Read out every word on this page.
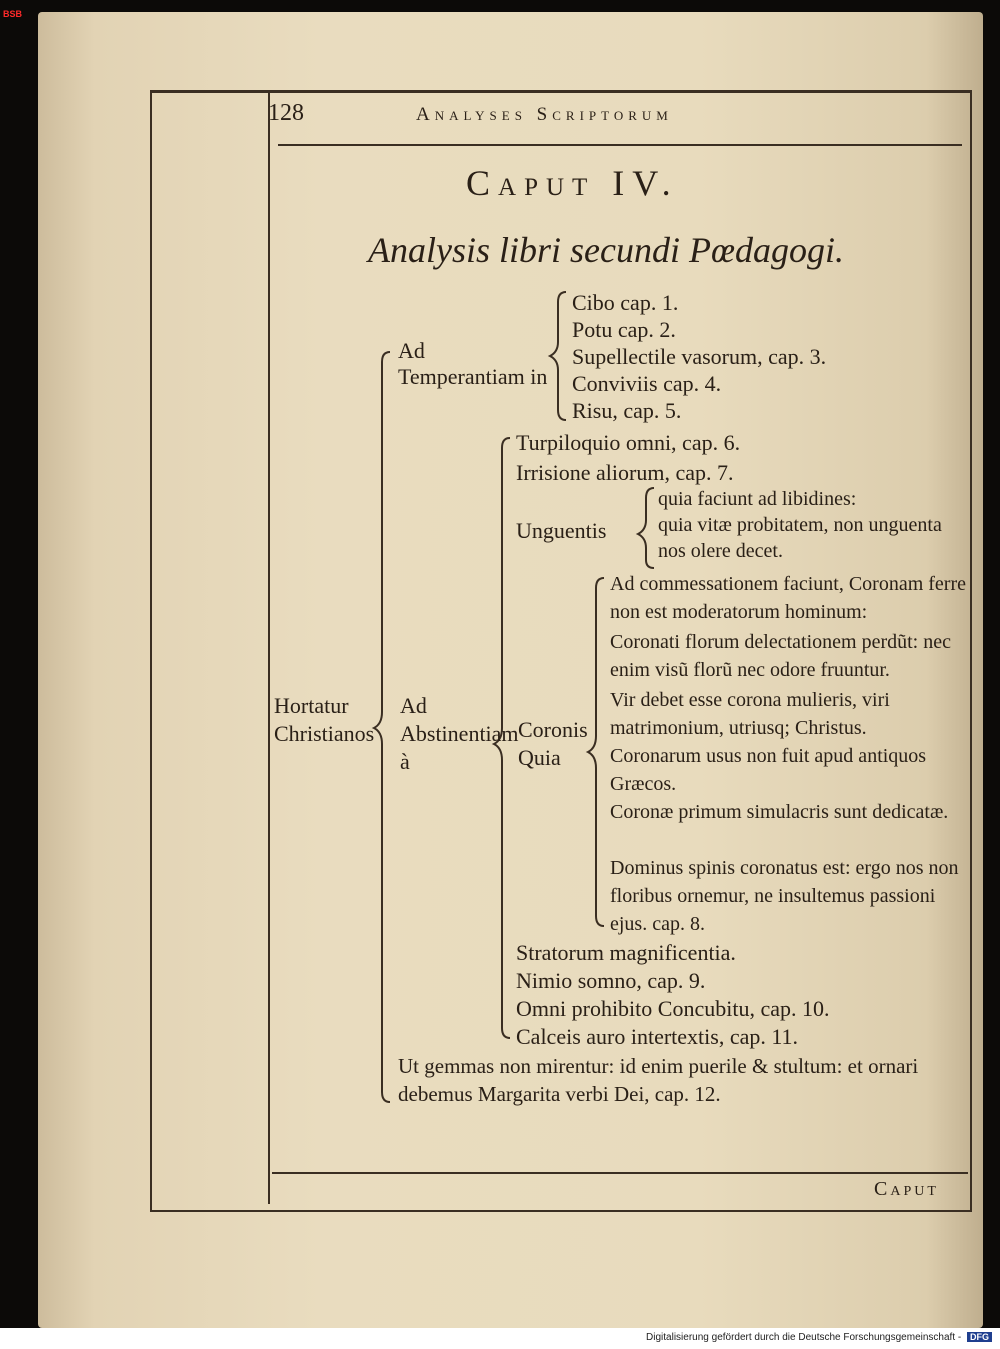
BSB
128	Analyses Scriptorum
Caput IV.
Analysis libri secundi Pœdagogi.
Hortatur Christianos
Ad Temperantiam in
Cibo cap. 1.
Potu cap. 2.
Supellectile vasorum, cap. 3.
Conviviis cap. 4.
Risu, cap. 5.
Ad Abstinentiam à
Turpiloquio omni, cap. 6.
Irrisione aliorum, cap. 7.
Unguentis
quia faciunt ad libidines:
quia vitæ probitatem, non unguenta nos olere decet.
Coronis Quia
Ad commessationem faciunt, Coronam ferre non est moderatorum hominum:
Coronati florum delectationem perdũt: nec enim visũ florũ nec odore fruuntur.
Vir debet esse corona mulieris, viri matrimonium, utriusq; Christus.
Coronarum usus non fuit apud antiquos Græcos.
Coronæ primum simulacris sunt dedicatæ.
Dominus spinis coronatus est: ergo nos non floribus ornemur, ne insultemus passioni ejus. cap. 8.
Stratorum magnificentia.
Nimio somno, cap. 9.
Omni prohibito Concubitu, cap. 10.
Calceis auro intertextis, cap. 11.
Ut gemmas non mirentur: id enim puerile & stultum: et ornari debemus Margarita verbi Dei, cap. 12.
Caput
Digitalisierung gefördert durch die Deutsche Forschungsgemeinschaft - DFG
